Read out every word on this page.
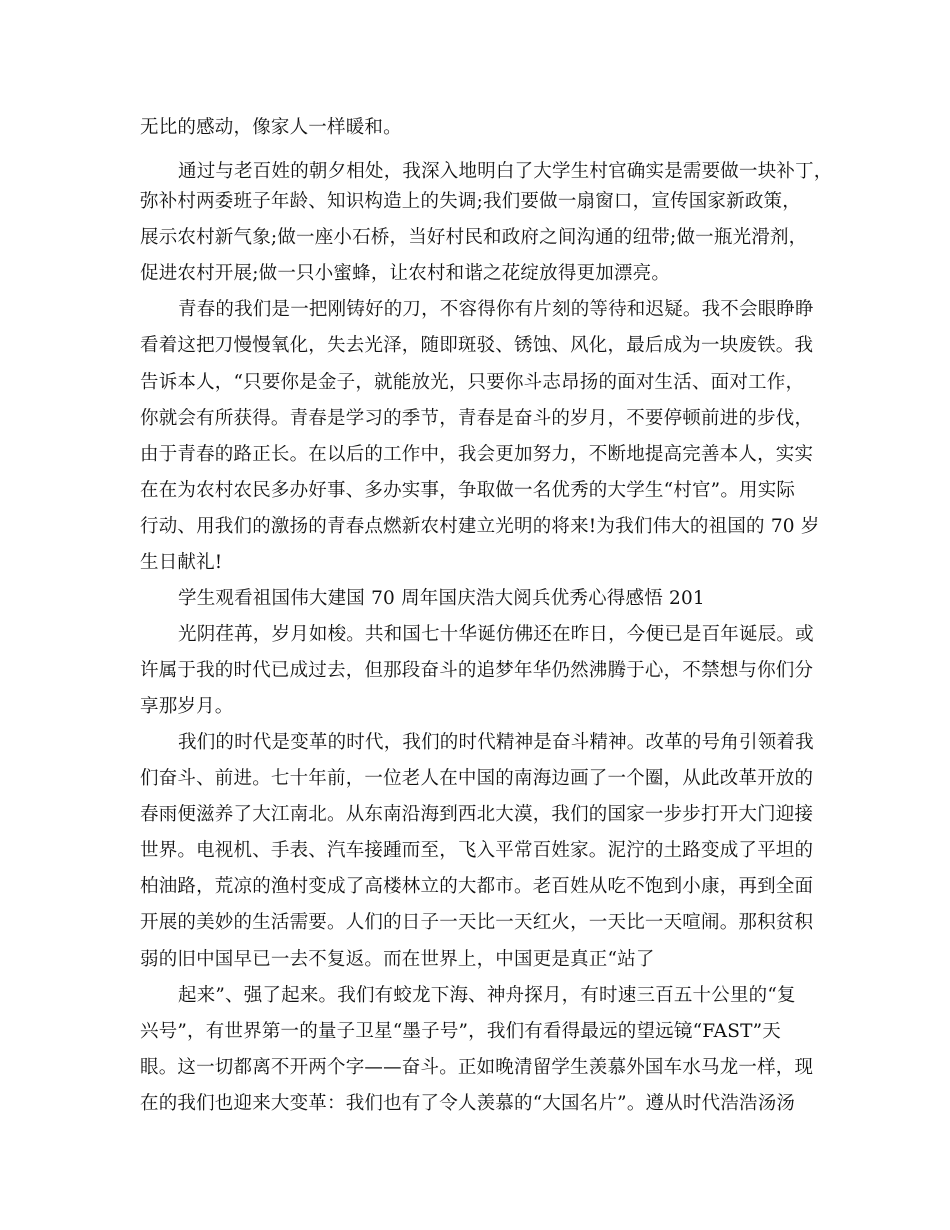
无比的感动，像家人一样暖和。
通过与老百姓的朝夕相处，我深入地明白了大学生村官确实是需要做一块补丁，
弥补村两委班子年龄、知识构造上的失调;我们要做一扇窗口，宣传国家新政策，
展示农村新气象;做一座小石桥，当好村民和政府之间沟通的纽带;做一瓶光滑剂，
促进农村开展;做一只小蜜蜂，让农村和谐之花绽放得更加漂亮。
青春的我们是一把刚铸好的刀，不容得你有片刻的等待和迟疑。我不会眼睁睁
看着这把刀慢慢氧化，失去光泽，随即斑驳、锈蚀、风化，最后成为一块废铁。我
告诉本人，“只要你是金子，就能放光，只要你斗志昂扬的面对生活、面对工作，
你就会有所获得。青春是学习的季节，青春是奋斗的岁月，不要停顿前进的步伐，
由于青春的路正长。在以后的工作中，我会更加努力，不断地提高完善本人，实实
在在为农村农民多办好事、多办实事，争取做一名优秀的大学生“村官”。用实际
行动、用我们的激扬的青春点燃新农村建立光明的将来!为我们伟大的祖国的 70 岁
生日献礼!
学生观看祖国伟大建国 70 周年国庆浩大阅兵优秀心得感悟 201
光阴荏苒，岁月如梭。共和国七十华诞仿佛还在昨日，今便已是百年诞辰。或
许属于我的时代已成过去，但那段奋斗的追梦年华仍然沸腾于心，不禁想与你们分
享那岁月。
我们的时代是变革的时代，我们的时代精神是奋斗精神。改革的号角引领着我
们奋斗、前进。七十年前，一位老人在中国的南海边画了一个圈，从此改革开放的
春雨便滋养了大江南北。从东南沿海到西北大漠，我们的国家一步步打开大门迎接
世界。电视机、手表、汽车接踵而至，飞入平常百姓家。泥泞的土路变成了平坦的
柏油路，荒凉的渔村变成了高楼林立的大都市。老百姓从吃不饱到小康，再到全面
开展的美妙的生活需要。人们的日子一天比一天红火，一天比一天喧闹。那积贫积
弱的旧中国早已一去不复返。而在世界上，中国更是真正“站了
起来”、强了起来。我们有蛟龙下海、神舟探月，有时速三百五十公里的“复
兴号”，有世界第一的量子卫星“墨子号”，我们有看得最远的望远镜“FAST”天
眼。这一切都离不开两个字——奋斗。正如晚清留学生羡慕外国车水马龙一样，现
在的我们也迎来大变革：我们也有了令人羡慕的“大国名片”。遵从时代浩浩汤汤
